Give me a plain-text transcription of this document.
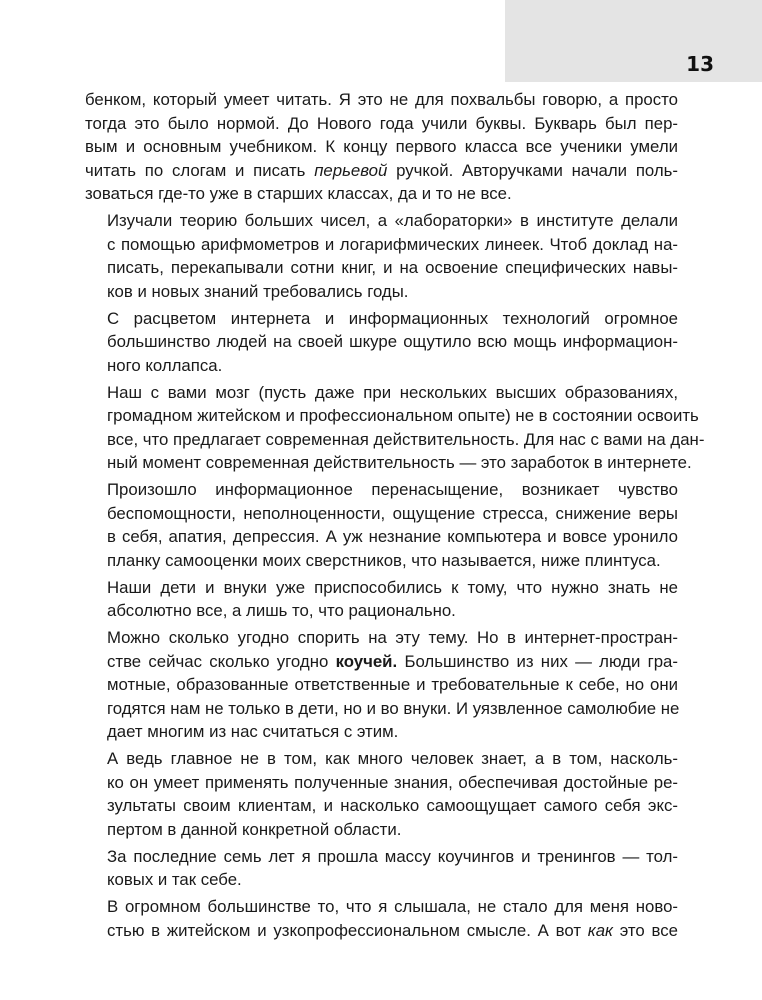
13

бенком, который умеет читать. Я это не для похвальбы говорю, а просто
тогда это было нормой. До Нового года учили буквы. Букварь был пер-
вым и основным учебником. К концу первого класса все ученики умели
читать по слогам и писать перьевой ручкой. Авторучками начали поль-
зоваться где-то уже в старших классах, да и то не все.

Изучали теорию больших чисел, а «лабораторки» в институте делали
с помощью арифмометров и логарифмических линеек. Чтоб доклад на-
писать, перекапывали сотни книг, и на освоение специфических навы-
ков и новых знаний требовались годы.

С расцветом интернета и информационных технологий огромное
большинство людей на своей шкуре ощутило всю мощь информацион-
ного коллапса.

Наш с вами мозг (пусть даже при нескольких высших образованиях,
громадном житейском и профессиональном опыте) не в состоянии освоить
все, что предлагает современная действительность. Для нас с вами на дан-
ный момент современная действительность — это заработок в интернете.

Произошло информационное перенасыщение, возникает чувство
беспомощности, неполноценности, ощущение стресса, снижение веры
в себя, апатия, депрессия. А уж незнание компьютера и вовсе уронило
планку самооценки моих сверстников, что называется, ниже плинтуса.

Наши дети и внуки уже приспособились к тому, что нужно знать не
абсолютно все, а лишь то, что рационально.

Можно сколько угодно спорить на эту тему. Но в интернет-простран-
стве сейчас сколько угодно коучей. Большинство из них — люди гра-
мотные, образованные ответственные и требовательные к себе, но они
годятся нам не только в дети, но и во внуки. И уязвленное самолюбие не
дает многим из нас считаться с этим.

А ведь главное не в том, как много человек знает, а в том, насколь-
ко он умеет применять полученные знания, обеспечивая достойные ре-
зультаты своим клиентам, и насколько самоощущает самого себя экс-
пертом в данной конкретной области.

За последние семь лет я прошла массу коучингов и тренингов — тол-
ковых и так себе.

В огромном большинстве то, что я слышала, не стало для меня ново-
стью в житейском и узкопрофессиональном смысле. А вот как это все
